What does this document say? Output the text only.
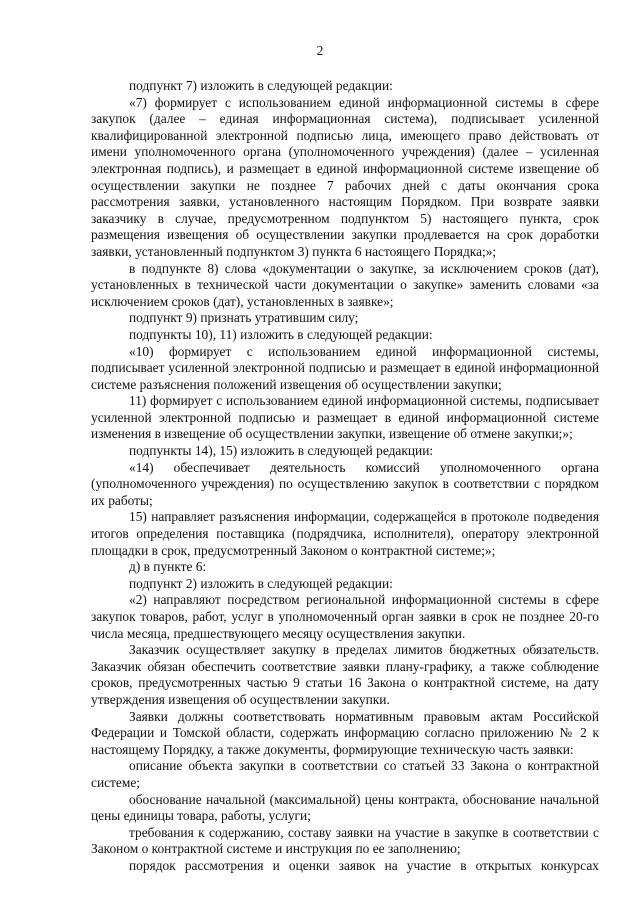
2

подпункт 7) изложить в следующей редакции:

«7) формирует с использованием единой информационной системы в сфере закупок (далее – единая информационная система), подписывает усиленной квалифицированной электронной подписью лица, имеющего право действовать от имени уполномоченного органа (уполномоченного учреждения) (далее – усиленная электронная подпись), и размещает в единой информационной системе извещение об осуществлении закупки не позднее 7 рабочих дней с даты окончания срока рассмотрения заявки, установленного настоящим Порядком. При возврате заявки заказчику в случае, предусмотренном подпунктом 5) настоящего пункта, срок размещения извещения об осуществлении закупки продлевается на срок доработки заявки, установленный подпунктом 3) пункта 6 настоящего Порядка;»;

в подпункте 8) слова «документации о закупке, за исключением сроков (дат), установленных в технической части документации о закупке» заменить словами «за исключением сроков (дат), установленных в заявке»;

подпункт 9) признать утратившим силу;

подпункты 10), 11) изложить в следующей редакции:

«10) формирует с использованием единой информационной системы, подписывает усиленной электронной подписью и размещает в единой информационной системе разъяснения положений извещения об осуществлении закупки;

11) формирует с использованием единой информационной системы, подписывает усиленной электронной подписью и размещает в единой информационной системе изменения в извещение об осуществлении закупки, извещение об отмене закупки;»;

подпункты 14), 15) изложить в следующей редакции:

«14) обеспечивает деятельность комиссий уполномоченного органа (уполномоченного учреждения) по осуществлению закупок в соответствии с порядком их работы;

15) направляет разъяснения информации, содержащейся в протоколе подведения итогов определения поставщика (подрядчика, исполнителя), оператору электронной площадки в срок, предусмотренный Законом о контрактной системе;»;

д) в пункте 6:

подпункт 2) изложить в следующей редакции:

«2) направляют посредством региональной информационной системы в сфере закупок товаров, работ, услуг в уполномоченный орган заявки в срок не позднее 20-го числа месяца, предшествующего месяцу осуществления закупки.

Заказчик осуществляет закупку в пределах лимитов бюджетных обязательств. Заказчик обязан обеспечить соответствие заявки плану-графику, а также соблюдение сроков, предусмотренных частью 9 статьи 16 Закона о контрактной системе, на дату утверждения извещения об осуществлении закупки.

Заявки должны соответствовать нормативным правовым актам Российской Федерации и Томской области, содержать информацию согласно приложению № 2 к настоящему Порядку, а также документы, формирующие техническую часть заявки:

описание объекта закупки в соответствии со статьей 33 Закона о контрактной системе;

обоснование начальной (максимальной) цены контракта, обоснование начальной цены единицы товара, работы, услуги;

требования к содержанию, составу заявки на участие в закупке в соответствии с Законом о контрактной системе и инструкция по ее заполнению;

порядок рассмотрения и оценки заявок на участие в открытых конкурсах
